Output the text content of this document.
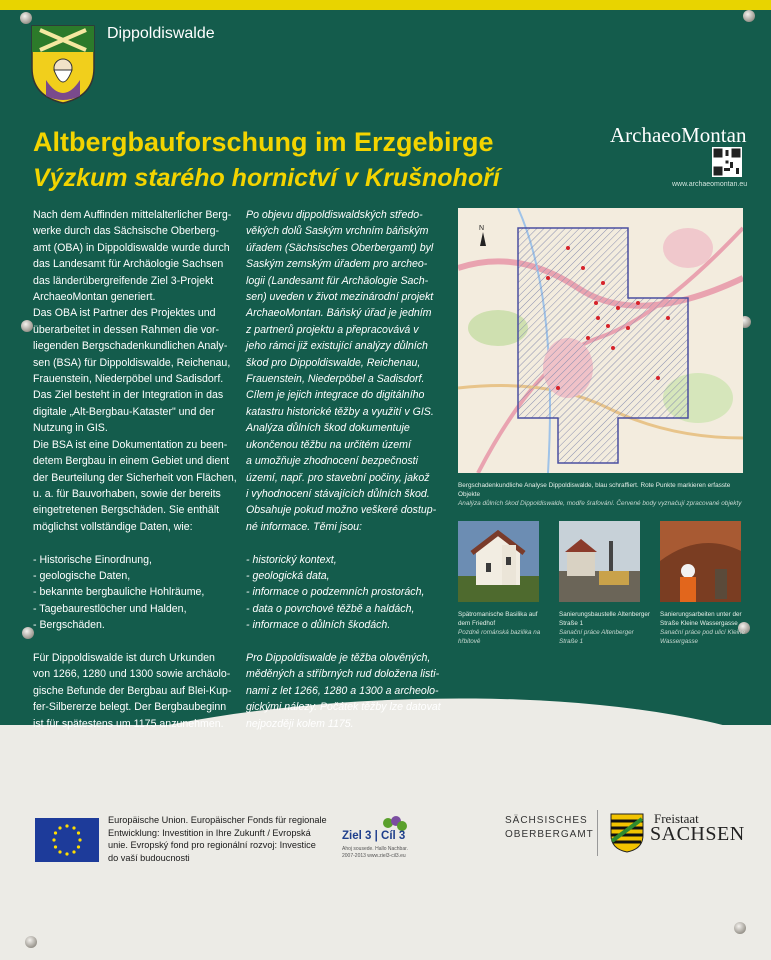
Dippoldiswalde
Altbergbauforschung im Erzgebirge
Výzkum starého hornictví v Krušnohoří
ArchaeoMontan
www.archaeomontan.eu

Nach dem Auffinden mittelalterlicher Berg-
werke durch das Sächsische Oberberg-
amt (OBA) in Dippoldiswalde wurde durch
das Landesamt für Archäologie Sachsen
das länderübergreifende Ziel 3-Projekt
ArchaeoMontan generiert.
Das OBA ist Partner des Projektes und
überarbeitet in dessen Rahmen die vor-
liegenden Bergschadenkundlichen Analy-
sen (BSA) für Dippoldiswalde, Reichenau,
Frauenstein, Niederpöbel und Sadisdorf.
Das Ziel besteht in der Integration in das
digitale „Alt-Bergbau-Kataster" und der
Nutzung in GIS.
Die BSA ist eine Dokumentation zu been-
detem Bergbau in einem Gebiet und dient
der Beurteilung der Sicherheit von Flächen,
u. a. für Bauvorhaben, sowie der bereits
eingetretenen Bergschäden. Sie enthält
möglichst vollständige Daten, wie:

- Historische Einordnung,
- geologische Daten,
- bekannte bergbauliche Hohlräume,
- Tagebaurestlöcher und Halden,
- Bergschäden.

Für Dippoldiswalde ist durch Urkunden
von 1266, 1280 und 1300 sowie archäolo-
gische Befunde der Bergbau auf Blei-Kup-
fer-Silbererze belegt. Der Bergbaubeginn
ist für spätestens um 1175 anzunehmen.

Po objevu dippoldiswaldských středo-
věkých dolů Saským vrchním báňským
úřadem (Sächsisches Oberbergamt) byl
Saským zemským úřadem pro archeo-
logii (Landesamt für Archäologie Sach-
sen) uveden v život mezinárodní projekt
ArchaeoMontan. Báňský úřad je jedním
z partnerů projektu a přepracovává v
jeho rámci již existující analýzy důlních
škod pro Dippoldiswalde, Reichenau,
Frauenstein, Niederpöbel a Sadisdorf.
Cílem je jejich integrace do digitálního
katastru historické těžby a využití v GIS.
Analýza důlních škod dokumentuje
ukončenou těžbu na určitém území
a umožňuje zhodnocení bezpečnosti
území, např. pro stavební počiny, jakož
i vyhodnocení stávajících důlních škod.
Obsahuje pokud možno veškeré dostup-
né informace. Těmi jsou:

- historický kontext,
- geologická data,
- informace o podzemních prostorách,
- data o povrchové těžbě a haldách,
- informace o důlních škodách.

Pro Dippoldiswalde je těžba olověných,
měděných a stříbrných rud doložena listi-
nami z let 1266, 1280 a 1300 a archeolo-
gickými nálezy. Počátek těžby lze datovat
nejpozději kolem 1175.

N
Bergschadenkundliche Analyse Dippoldiswalde, blau schraffiert. Rote Punkte markieren erfasste Objekte
Analýza důlních škod Dippoldiswalde, modře šrafování. Červené body vyznačují zpracované objekty
Spätromanische Basilika auf dem Friedhof
Pozdně románská bazilika na hřbitově
Sanierungsbaustelle Altenberger Straße 1
Sanační práce Altenberger Straße 1
Sanierungsarbeiten unter der Straße Kleine Wassergasse
Sanační práce pod ulicí Kleine Wassergasse
Europäische Union. Europäischer Fonds für regionale Entwicklung: Investition in Ihre Zukunft / Evropská unie. Evropský fond pro regionální rozvoj: Investice do vaší budoucnosti
Ziel 3 | Cíl 3
Ahoj sousede. Hallo Nachbar. 2007-2013 www.ziel3-cil3.eu
SÄCHSISCHES
OBERBERGAMT
Freistaat
SACHSEN
